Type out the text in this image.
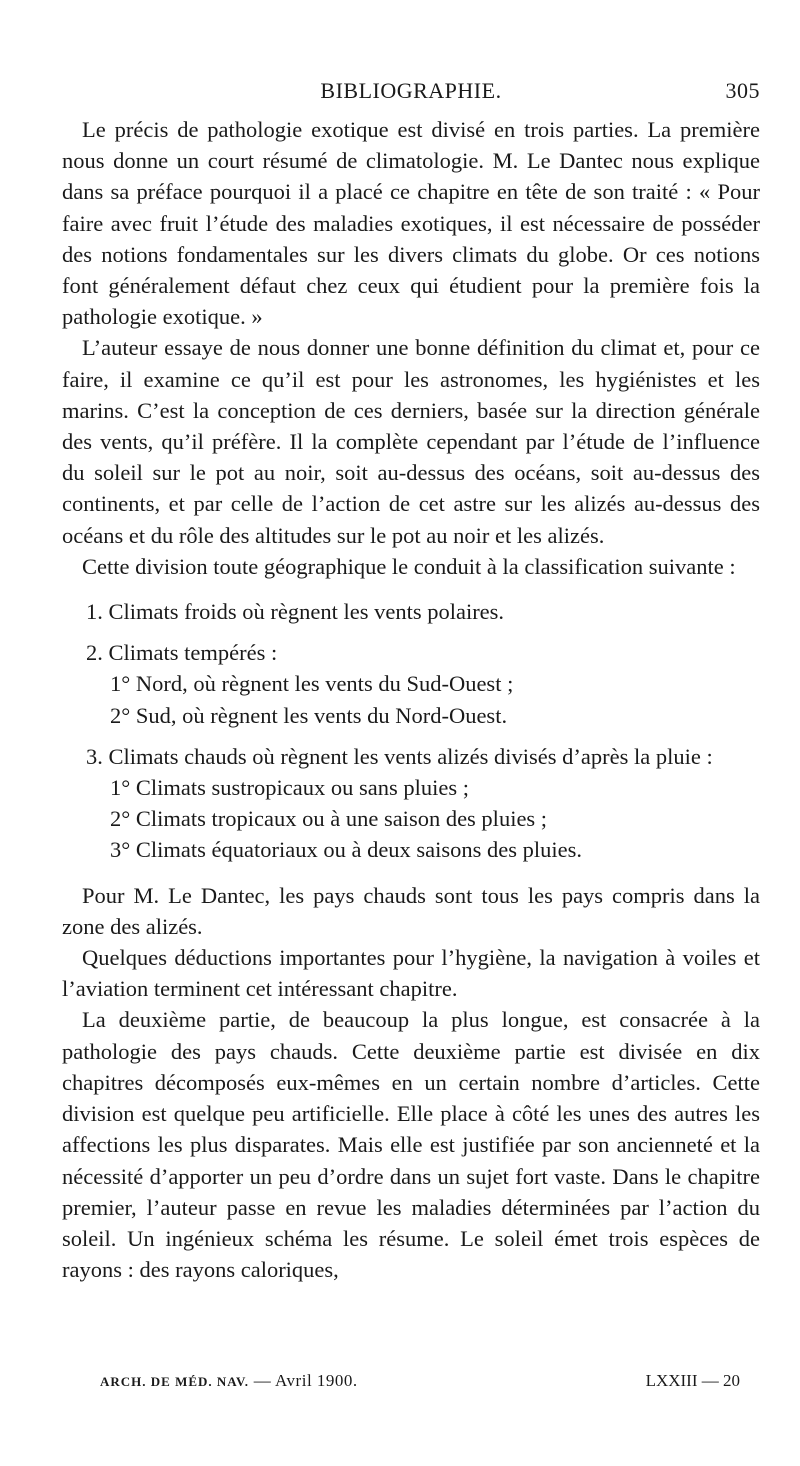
BIBLIOGRAPHIE.	305

Le précis de pathologie exotique est divisé en trois parties. La première nous donne un court résumé de climatologie. M. Le Dantec nous explique dans sa préface pourquoi il a placé ce chapitre en tête de son traité : « Pour faire avec fruit l’étude des maladies exotiques, il est nécessaire de posséder des notions fondamentales sur les divers climats du globe. Or ces notions font généralement défaut chez ceux qui étudient pour la première fois la pathologie exotique. »

L’auteur essaye de nous donner une bonne définition du climat et, pour ce faire, il examine ce qu’il est pour les astronomes, les hygiénistes et les marins. C’est la conception de ces derniers, basée sur la direction générale des vents, qu’il préfère. Il la complète cependant par l’étude de l’influence du soleil sur le pot au noir, soit au-dessus des océans, soit au-dessus des continents, et par celle de l’action de cet astre sur les alizés au-dessus des océans et du rôle des altitudes sur le pot au noir et les alizés.

Cette division toute géographique le conduit à la classification suivante :

1. Climats froids où règnent les vents polaires.
2. Climats tempérés :
1° Nord, où règnent les vents du Sud-Ouest ;
2° Sud, où règnent les vents du Nord-Ouest.

3. Climats chauds où règnent les vents alizés divisés d’après la pluie :

1° Climats sustropicaux ou sans pluies ;
2° Climats tropicaux ou à une saison des pluies ;
3° Climats équatoriaux ou à deux saisons des pluies.

Pour M. Le Dantec, les pays chauds sont tous les pays compris dans la zone des alizés.

Quelques déductions importantes pour l’hygiène, la navigation à voiles et l’aviation terminent cet intéressant chapitre.

La deuxième partie, de beaucoup la plus longue, est consacrée à la pathologie des pays chauds. Cette deuxième partie est divisée en dix chapitres décomposés eux-mêmes en un certain nombre d’articles. Cette division est quelque peu artificielle. Elle place à côté les unes des autres les affections les plus disparates. Mais elle est justifiée par son ancienneté et la nécessité d’apporter un peu d’ordre dans un sujet fort vaste. Dans le chapitre premier, l’auteur passe en revue les maladies déterminées par l’action du soleil. Un ingénieux schéma les résume. Le soleil émet trois espèces de rayons : des rayons caloriques,

ARCH. DE MÉD. NAV. — Avril 1900.	LXXIII — 20
